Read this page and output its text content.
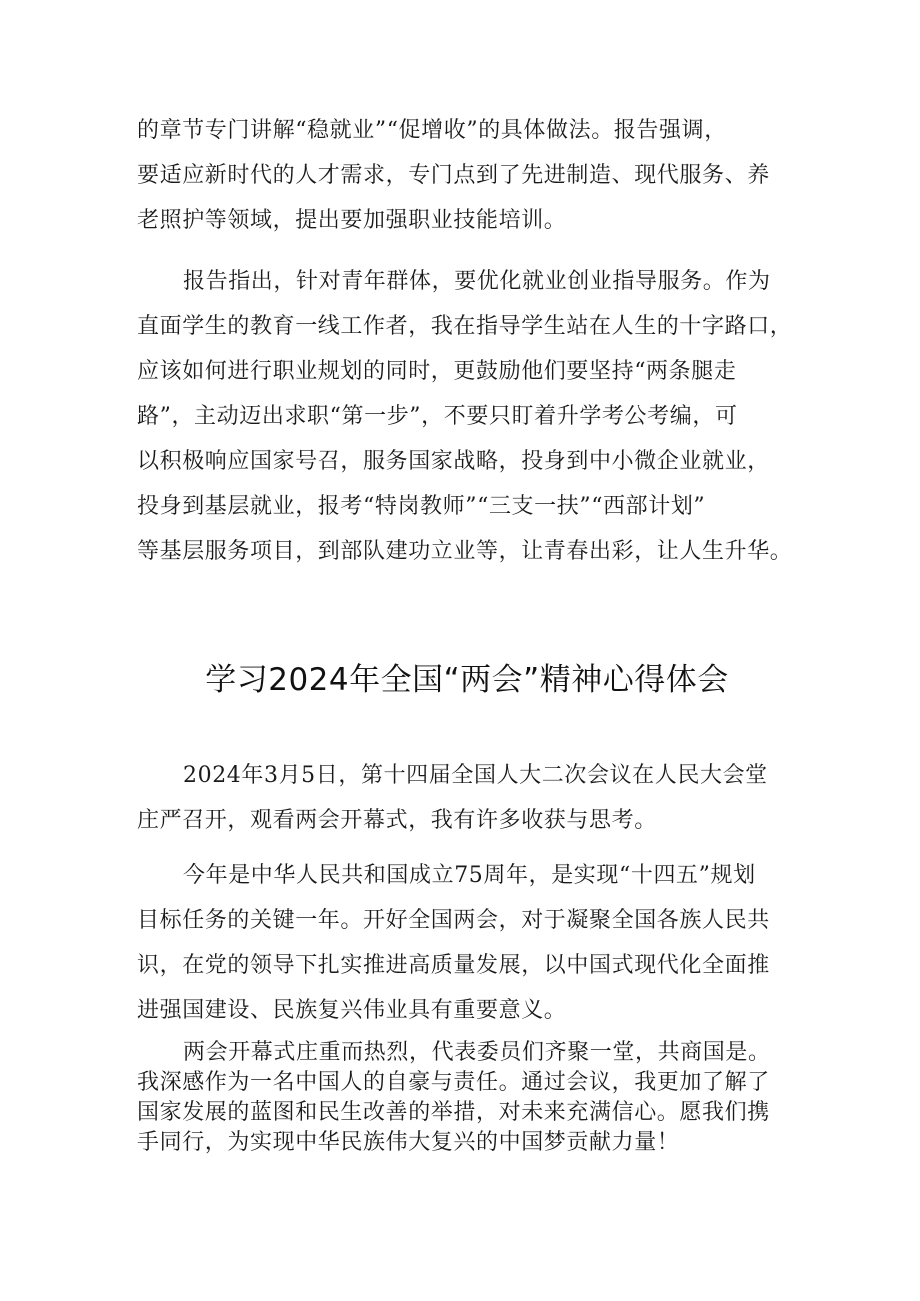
的章节专门讲解“稳就业”“促增收”的具体做法。报告强调，

要适应新时代的人才需求，专门点到了先进制造、现代服务、养

老照护等领域，提出要加强职业技能培训。

报告指出，针对青年群体，要优化就业创业指导服务。作为

直面学生的教育一线工作者，我在指导学生站在人生的十字路口，

应该如何进行职业规划的同时，更鼓励他们要坚持“两条腿走

路”，主动迈出求职“第一步”，不要只盯着升学考公考编，可

以积极响应国家号召，服务国家战略，投身到中小微企业就业，

投身到基层就业，报考“特岗教师”“三支一扶”“西部计划”

等基层服务项目，到部队建功立业等，让青春出彩，让人生升华。

学习2024年全国“两会”精神心得体会

2024年3月5日，第十四届全国人大二次会议在人民大会堂

庄严召开，观看两会开幕式，我有许多收获与思考。

今年是中华人民共和国成立75周年，是实现“十四五”规划

目标任务的关键一年。开好全国两会，对于凝聚全国各族人民共

识，在党的领导下扎实推进高质量发展，以中国式现代化全面推

进强国建设、民族复兴伟业具有重要意义。

两会开幕式庄重而热烈，代表委员们齐聚一堂，共商国是。

我深感作为一名中国人的自豪与责任。通过会议，我更加了解了

国家发展的蓝图和民生改善的举措，对未来充满信心。愿我们携

手同行，为实现中华民族伟大复兴的中国梦贡献力量！
